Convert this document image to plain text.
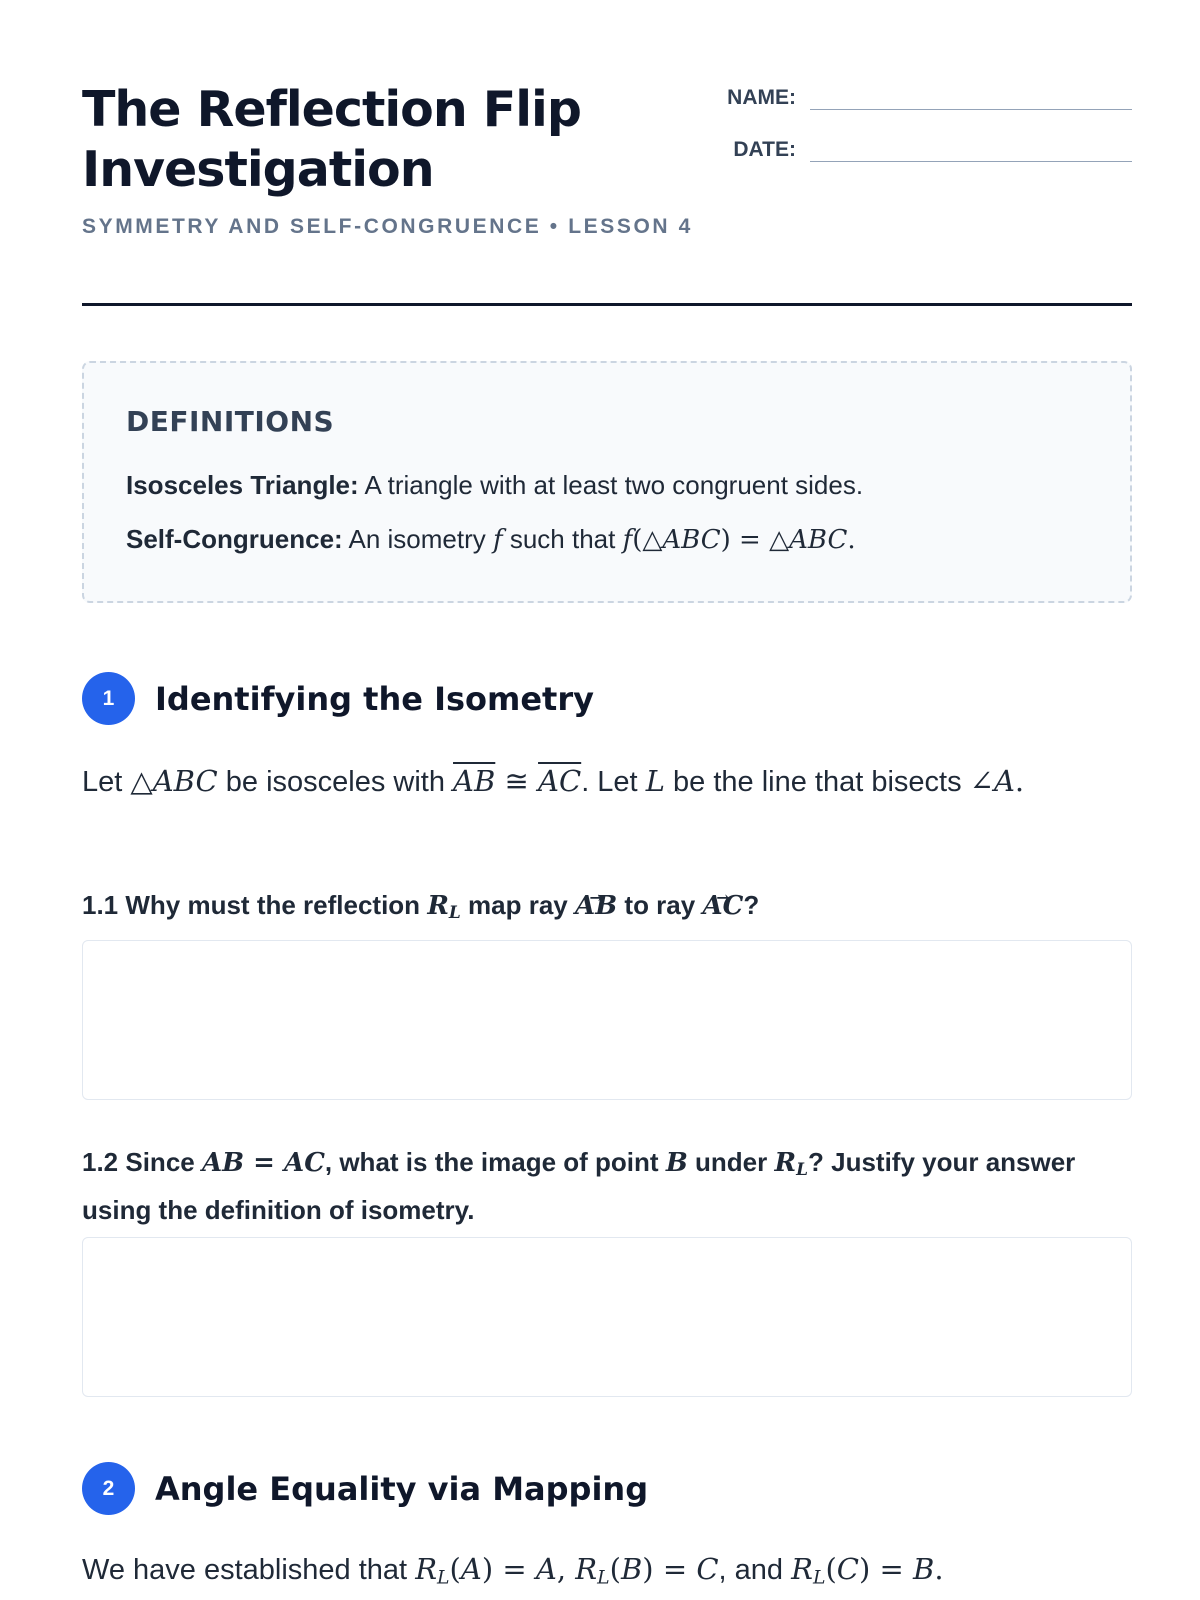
The Reflection Flip Investigation
SYMMETRY AND SELF-CONGRUENCE • LESSON 4
NAME:
DATE:
DEFINITIONS
Isosceles Triangle: A triangle with at least two congruent sides.
Self-Congruence: An isometry f such that f(△ABC) = △ABC.
1	Identifying the Isometry
Let △ABC be isosceles with $\overline{AB}$ ≅ $\overline{AC}$. Let L be the line that bisects ∠A.
1.1 Why must the reflection $R_L$ map ray → AB to ray → AC?
1.2 Since AB = AC, what is the image of point B under $R_L$? Justify your answer using the definition of isometry.
2	Angle Equality via Mapping
We have established that $R_L(A) = A$, $R_L(B) = C$, and $R_L(C) = B$.
